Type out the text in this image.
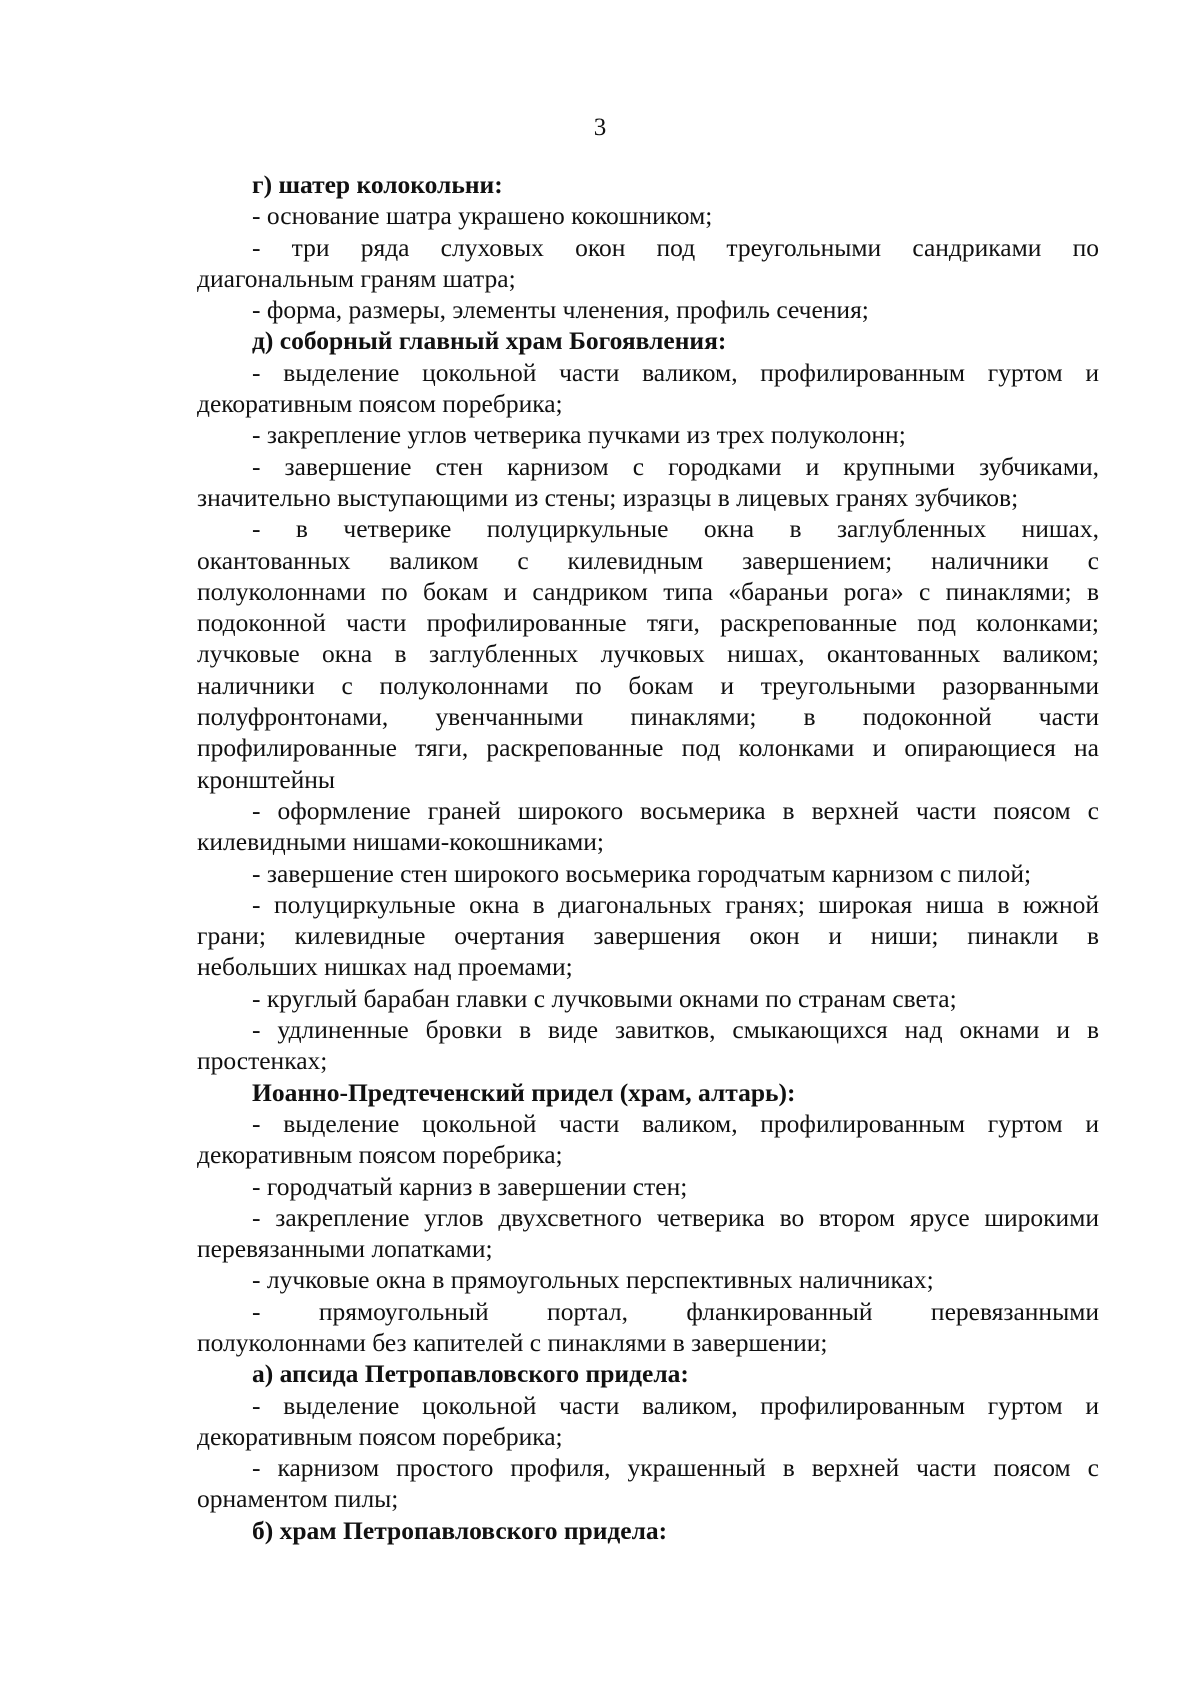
3
г) шатер колокольни:
- основание шатра украшено кокошником;
- три ряда слуховых окон под треугольными сандриками по
диагональным граням шатра;
- форма, размеры, элементы членения, профиль сечения;
д) соборный главный храм Богоявления:
- выделение цокольной части валиком, профилированным гуртом и
декоративным поясом поребрика;
- закрепление углов четверика пучками из трех полуколонн;
- завершение стен карнизом с городками и крупными зубчиками,
значительно выступающими из стены; изразцы в лицевых гранях зубчиков;
- в четверике полуциркульные окна в заглубленных нишах,
окантованных валиком с килевидным завершением; наличники с
полуколоннами по бокам и сандриком типа «бараньи рога» с пинаклями; в
подоконной части профилированные тяги, раскрепованные под колонками;
лучковые окна в заглубленных лучковых нишах, окантованных валиком;
наличники с полуколоннами по бокам и треугольными разорванными
полуфронтонами, увенчанными пинаклями; в подоконной части
профилированные тяги, раскрепованные под колонками и опирающиеся на
кронштейны
- оформление граней широкого восьмерика в верхней части поясом с
килевидными нишами-кокошниками;
- завершение стен широкого восьмерика городчатым карнизом с пилой;
- полуциркульные окна в диагональных гранях; широкая ниша в южной
грани; килевидные очертания завершения окон и ниши; пинакли в
небольших нишках над проемами;
- круглый барабан главки с лучковыми окнами по странам света;
- удлиненные бровки в виде завитков, смыкающихся над окнами и в
простенках;
Иоанно-Предтеченский придел (храм, алтарь):
- выделение цокольной части валиком, профилированным гуртом и
декоративным поясом поребрика;
- городчатый карниз в завершении стен;
- закрепление углов двухсветного четверика во втором ярусе широкими
перевязанными лопатками;
- лучковые окна в прямоугольных перспективных наличниках;
- прямоугольный портал, фланкированный перевязанными
полуколоннами без капителей с пинаклями в завершении;
а) апсида Петропавловского придела:
- выделение цокольной части валиком, профилированным гуртом и
декоративным поясом поребрика;
- карнизом простого профиля, украшенный в верхней части поясом с
орнаментом пилы;
б) храм Петропавловского придела:
